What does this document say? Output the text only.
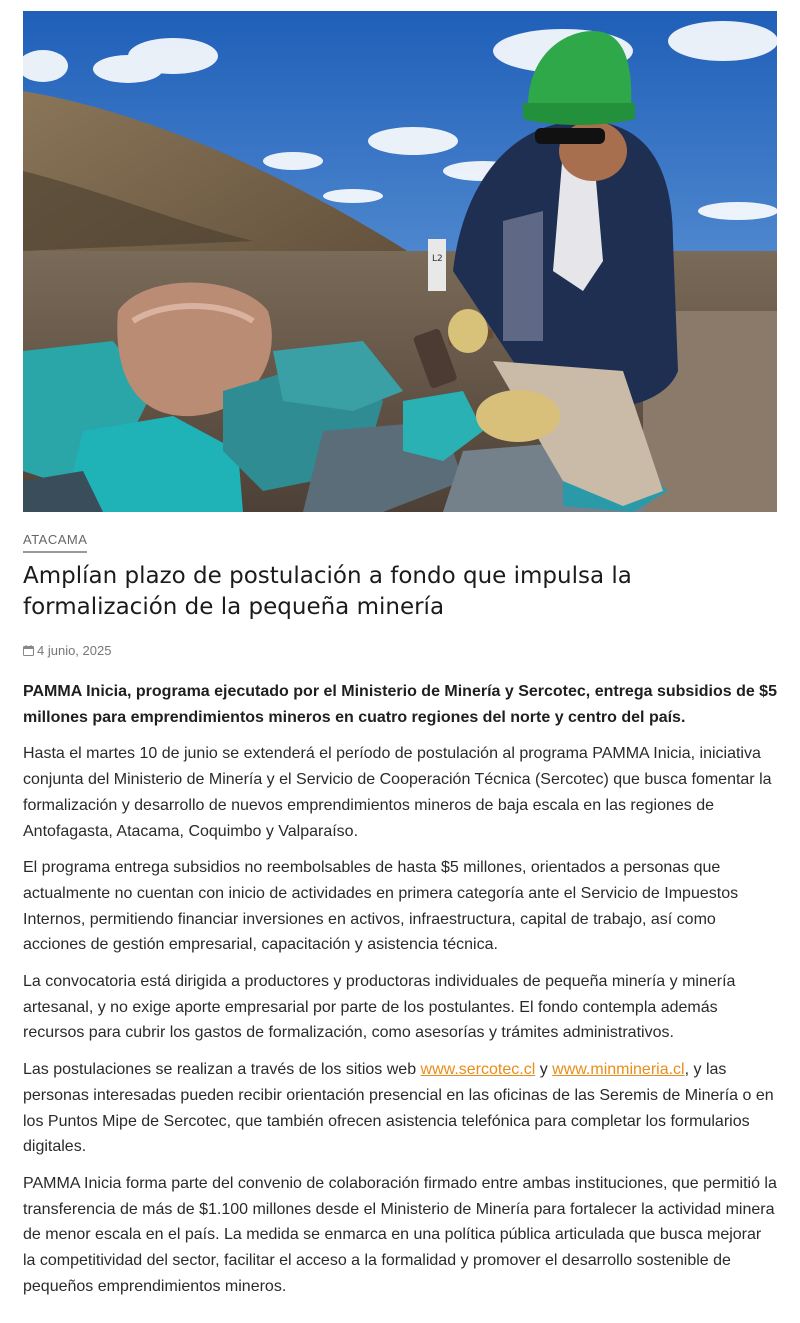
L2
ATACAMA
Amplían plazo de postulación a fondo que impulsa la formalización de la pequeña minería
4 junio, 2025

PAMMA Inicia, programa ejecutado por el Ministerio de Minería y Sercotec, entrega subsidios de $5 millones para emprendimientos mineros en cuatro regiones del norte y centro del país.

Hasta el martes 10 de junio se extenderá el período de postulación al programa PAMMA Inicia, iniciativa conjunta del Ministerio de Minería y el Servicio de Cooperación Técnica (Sercotec) que busca fomentar la formalización y desarrollo de nuevos emprendimientos mineros de baja escala en las regiones de Antofagasta, Atacama, Coquimbo y Valparaíso.

El programa entrega subsidios no reembolsables de hasta $5 millones, orientados a personas que actualmente no cuentan con inicio de actividades en primera categoría ante el Servicio de Impuestos Internos, permitiendo financiar inversiones en activos, infraestructura, capital de trabajo, así como acciones de gestión empresarial, capacitación y asistencia técnica.

La convocatoria está dirigida a productores y productoras individuales de pequeña minería y minería artesanal, y no exige aporte empresarial por parte de los postulantes. El fondo contempla además recursos para cubrir los gastos de formalización, como asesorías y trámites administrativos.

Las postulaciones se realizan a través de los sitios web www.sercotec.cl y www.minmineria.cl, y las personas interesadas pueden recibir orientación presencial en las oficinas de las Seremis de Minería o en los Puntos Mipe de Sercotec, que también ofrecen asistencia telefónica para completar los formularios digitales.

PAMMA Inicia forma parte del convenio de colaboración firmado entre ambas instituciones, que permitió la transferencia de más de $1.100 millones desde el Ministerio de Minería para fortalecer la actividad minera de menor escala en el país. La medida se enmarca en una política pública articulada que busca mejorar la competitividad del sector, facilitar el acceso a la formalidad y promover el desarrollo sostenible de pequeños emprendimientos mineros.
